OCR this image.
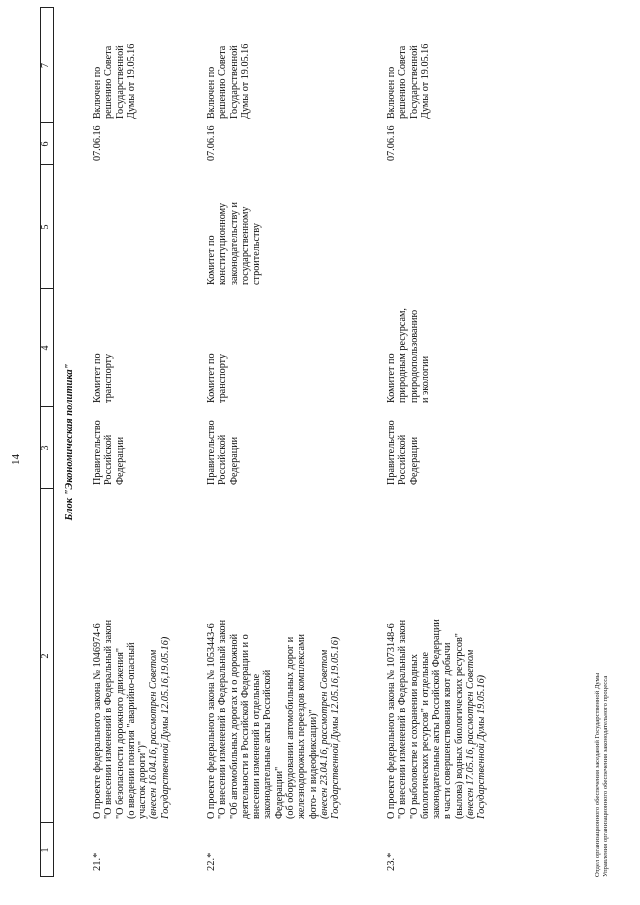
14
1
2
3
4
5
6
7
Блок "Экономическая политика"
21.*

О проекте федерального закона № 1046974-6 "О внесении изменений в Федеральный закон "О безопасности дорожного движения" (о введении понятия "аварийно-опасный участок дороги")" (внесен 16.04.16, рассмотрен Советом Государственной Думы 12.05.16,19.05.16)

Правительство Российской Федерации

Комитет по транспорту

07.06.16

Включен по решению Совета Государственной Думы от 19.05.16

22.*

О проекте федерального закона № 1053443-6 "О внесении изменений в Федеральный закон "Об автомобильных дорогах и о дорожной деятельности в Российской Федерации и о внесении изменений в отдельные законодательные акты Российской Федерации" (об оборудовании автомобильных дорог и железнодорожных переездов комплексами фото- и видеофиксации)" (внесен 23.04.16, рассмотрен Советом Государственной Думы 12.05.16,19.05.16)

Правительство Российской Федерации

Комитет по транспорту

Комитет по конституционному законодательству и государственному строительству

07.06.16

Включен по решению Совета Государственной Думы от 19.05.16

23.*

О проекте федерального закона № 1073148-6 "О внесении изменений в Федеральный закон "О рыболовстве и сохранении водных биологических ресурсов" и отдельные законодательные акты Российской Федерации в части совершенствования квот добычи (вылова) водных биологических ресурсов" (внесен 17.05.16, рассмотрен Советом Государственной Думы 19.05.16)

Правительство Российской Федерации

Комитет по природным ресурсам, природопользованию и экологии

07.06.16

Включен по решению Совета Государственной Думы от 19.05.16

Отдел организационного обеспечения заседаний Государственной Думы Управления организационного обеспечения законодательного процесса
